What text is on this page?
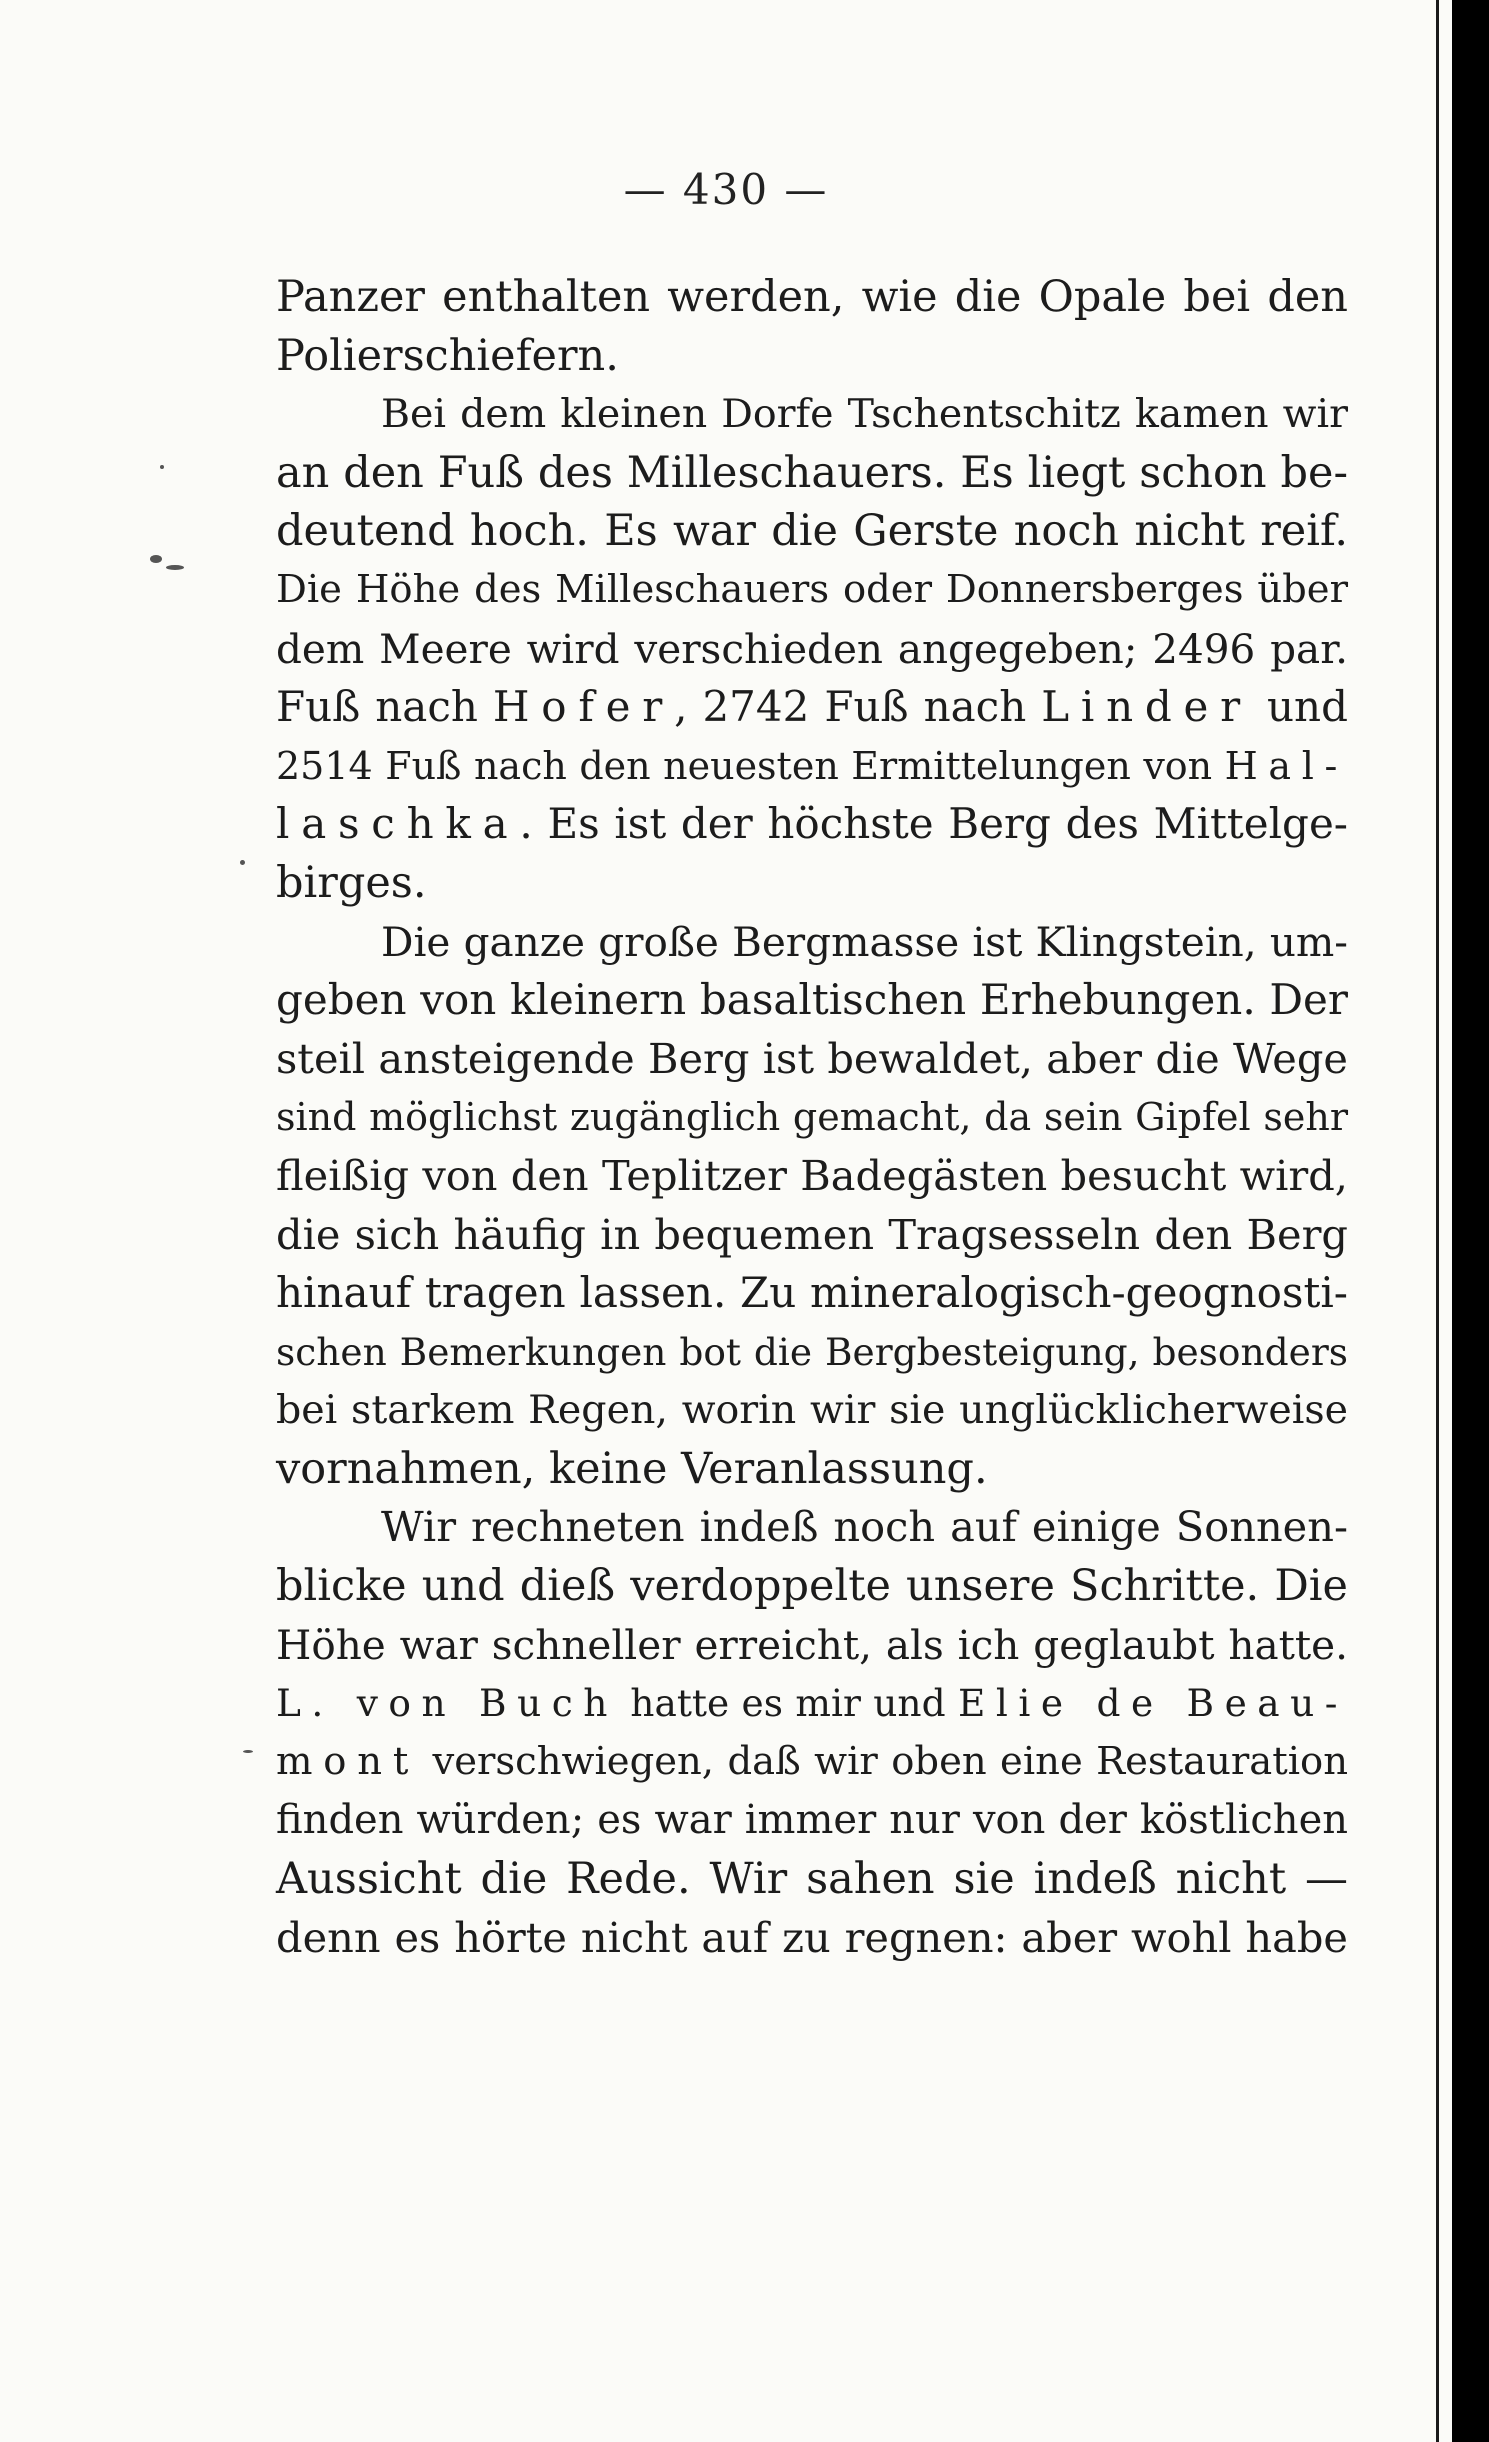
— 430 —
Panzer enthalten werden, wie die Opale bei den
Polierschiefern.
Bei dem kleinen Dorfe Tschentschitz kamen wir
an den Fuß des Milleschauers. Es liegt schon be-
deutend hoch. Es war die Gerste noch nicht reif.
Die Höhe des Milleschauers oder Donnersberges über
dem Meere wird verschieden angegeben; 2496 par.
Fuß nach Hofer, 2742 Fuß nach Linder und
2514 Fuß nach den neuesten Ermittelungen von Hal-
laschka. Es ist der höchste Berg des Mittelge-
birges.
Die ganze große Bergmasse ist Klingstein, um-
geben von kleinern basaltischen Erhebungen. Der
steil ansteigende Berg ist bewaldet, aber die Wege
sind möglichst zugänglich gemacht, da sein Gipfel sehr
fleißig von den Teplitzer Badegästen besucht wird,
die sich häufig in bequemen Tragsesseln den Berg
hinauf tragen lassen. Zu mineralogisch-geognosti-
schen Bemerkungen bot die Bergbesteigung, besonders
bei starkem Regen, worin wir sie unglücklicherweise
vornahmen, keine Veranlassung.
Wir rechneten indeß noch auf einige Sonnen-
blicke und dieß verdoppelte unsere Schritte. Die
Höhe war schneller erreicht, als ich geglaubt hatte.
L. von Buch hatte es mir und Elie de Beau-
mont verschwiegen, daß wir oben eine Restauration
finden würden; es war immer nur von der köstlichen
Aussicht die Rede. Wir sahen sie indeß nicht —
denn es hörte nicht auf zu regnen: aber wohl habe
